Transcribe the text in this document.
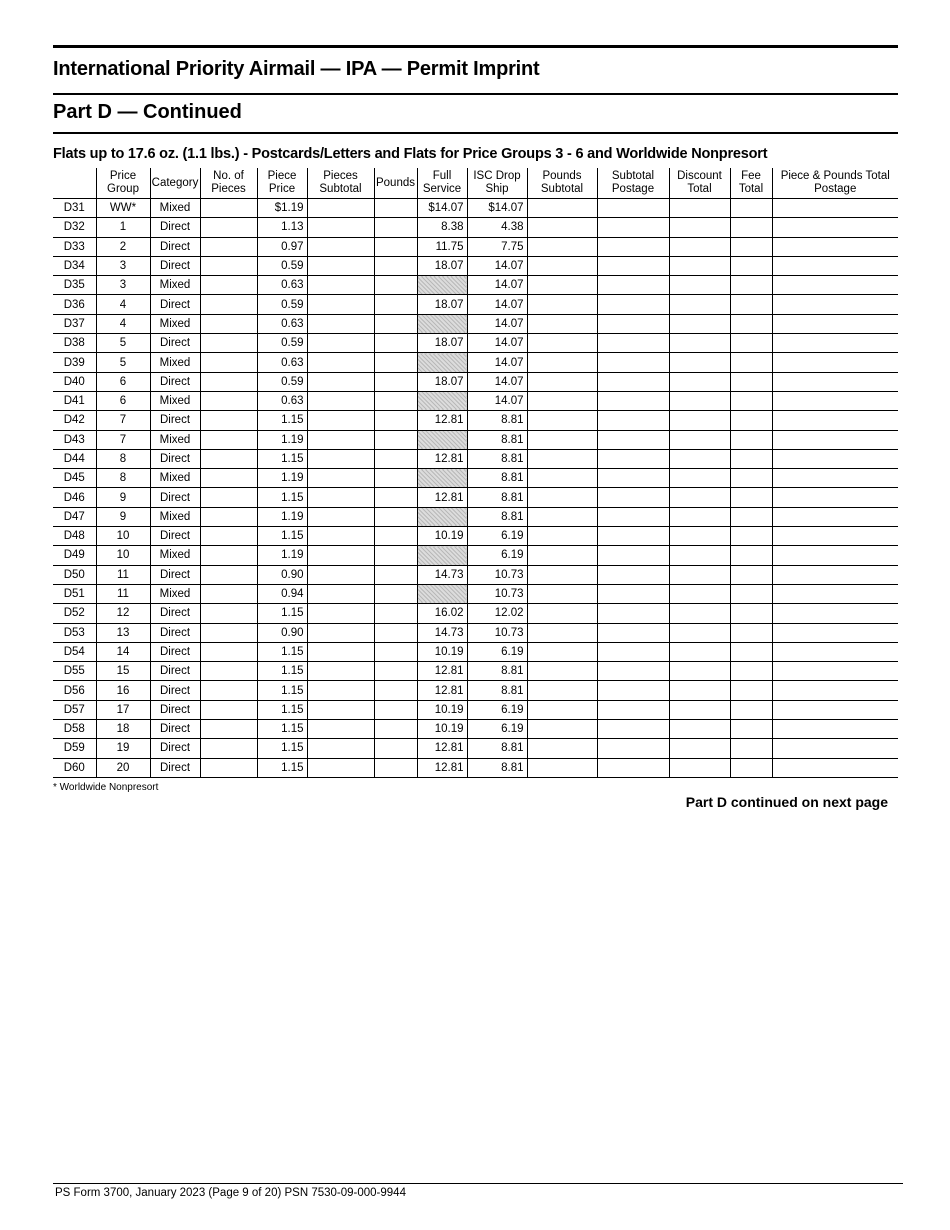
International Priority Airmail — IPA — Permit Imprint
Part D — Continued
Flats up to 17.6 oz. (1.1 lbs.) - Postcards/Letters and Flats for Price Groups 3 - 6 and Worldwide Nonpresort
	Price Group	Category	No. of Pieces	Piece Price	Pieces Subtotal	Pounds	Full Service	ISC Drop Ship	Pounds Subtotal	Subtotal Postage	Discount Total	Fee Total	Piece & Pounds Total Postage
D31	WW*	Mixed		$1.19			$14.07	$14.07					
D32	1	Direct		1.13			8.38	4.38					
D33	2	Direct		0.97			11.75	7.75					
D34	3	Direct		0.59			18.07	14.07					
D35	3	Mixed		0.63				14.07					
D36	4	Direct		0.59			18.07	14.07					
D37	4	Mixed		0.63				14.07					
D38	5	Direct		0.59			18.07	14.07					
D39	5	Mixed		0.63				14.07					
D40	6	Direct		0.59			18.07	14.07					
D41	6	Mixed		0.63				14.07					
D42	7	Direct		1.15			12.81	8.81					
D43	7	Mixed		1.19				8.81					
D44	8	Direct		1.15			12.81	8.81					
D45	8	Mixed		1.19				8.81					
D46	9	Direct		1.15			12.81	8.81					
D47	9	Mixed		1.19				8.81					
D48	10	Direct		1.15			10.19	6.19					
D49	10	Mixed		1.19				6.19					
D50	11	Direct		0.90			14.73	10.73					
D51	11	Mixed		0.94				10.73					
D52	12	Direct		1.15			16.02	12.02					
D53	13	Direct		0.90			14.73	10.73					
D54	14	Direct		1.15			10.19	6.19					
D55	15	Direct		1.15			12.81	8.81					
D56	16	Direct		1.15			12.81	8.81					
D57	17	Direct		1.15			10.19	6.19					
D58	18	Direct		1.15			10.19	6.19					
D59	19	Direct		1.15			12.81	8.81					
D60	20	Direct		1.15			12.81	8.81					
* Worldwide Nonpresort
Part D continued on next page
PS Form 3700, January 2023 (Page 9 of 20) PSN 7530-09-000-9944
